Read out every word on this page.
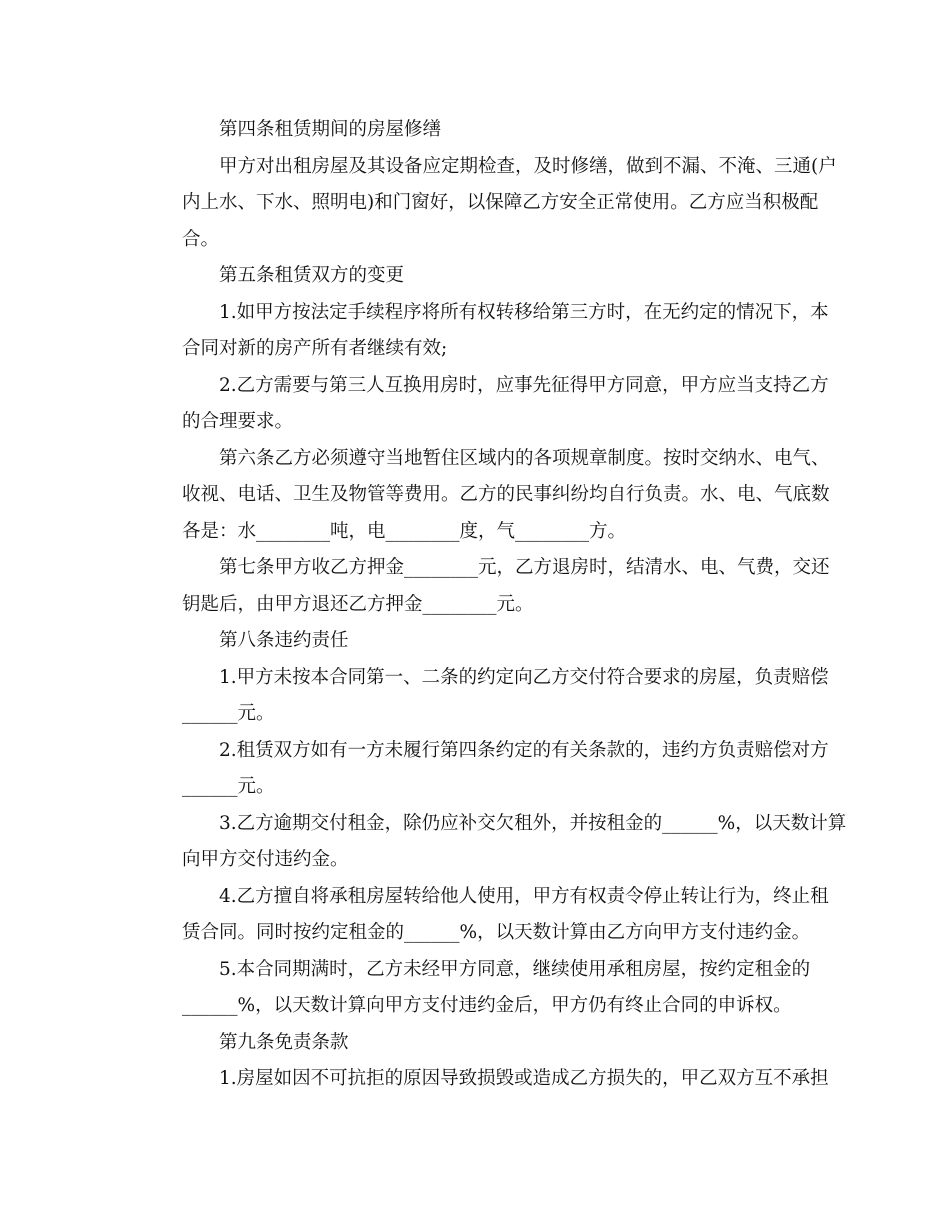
第四条租赁期间的房屋修缮

甲方对出租房屋及其设备应定期检查，及时修缮，做到不漏、不淹、三通(户
内上水、下水、照明电)和门窗好，以保障乙方安全正常使用。乙方应当积极配
合。

第五条租赁双方的变更

1.如甲方按法定手续程序将所有权转移给第三方时，在无约定的情况下，本
合同对新的房产所有者继续有效;

2.乙方需要与第三人互换用房时，应事先征得甲方同意，甲方应当支持乙方
的合理要求。

第六条乙方必须遵守当地暂住区域内的各项规章制度。按时交纳水、电气、
收视、电话、卫生及物管等费用。乙方的民事纠纷均自行负责。水、电、气底数
各是：水________吨，电________度，气________方。

第七条甲方收乙方押金________元，乙方退房时，结清水、电、气费，交还
钥匙后，由甲方退还乙方押金________元。

第八条违约责任

1.甲方未按本合同第一、二条的约定向乙方交付符合要求的房屋，负责赔偿
______元。

2.租赁双方如有一方未履行第四条约定的有关条款的，违约方负责赔偿对方
______元。

3.乙方逾期交付租金，除仍应补交欠租外，并按租金的______%，以天数计算
向甲方交付违约金。

4.乙方擅自将承租房屋转给他人使用，甲方有权责令停止转让行为，终止租
赁合同。同时按约定租金的______%，以天数计算由乙方向甲方支付违约金。

5.本合同期满时，乙方未经甲方同意，继续使用承租房屋，按约定租金的
______%，以天数计算向甲方支付违约金后，甲方仍有终止合同的申诉权。

第九条免责条款

1.房屋如因不可抗拒的原因导致损毁或造成乙方损失的，甲乙双方互不承担
